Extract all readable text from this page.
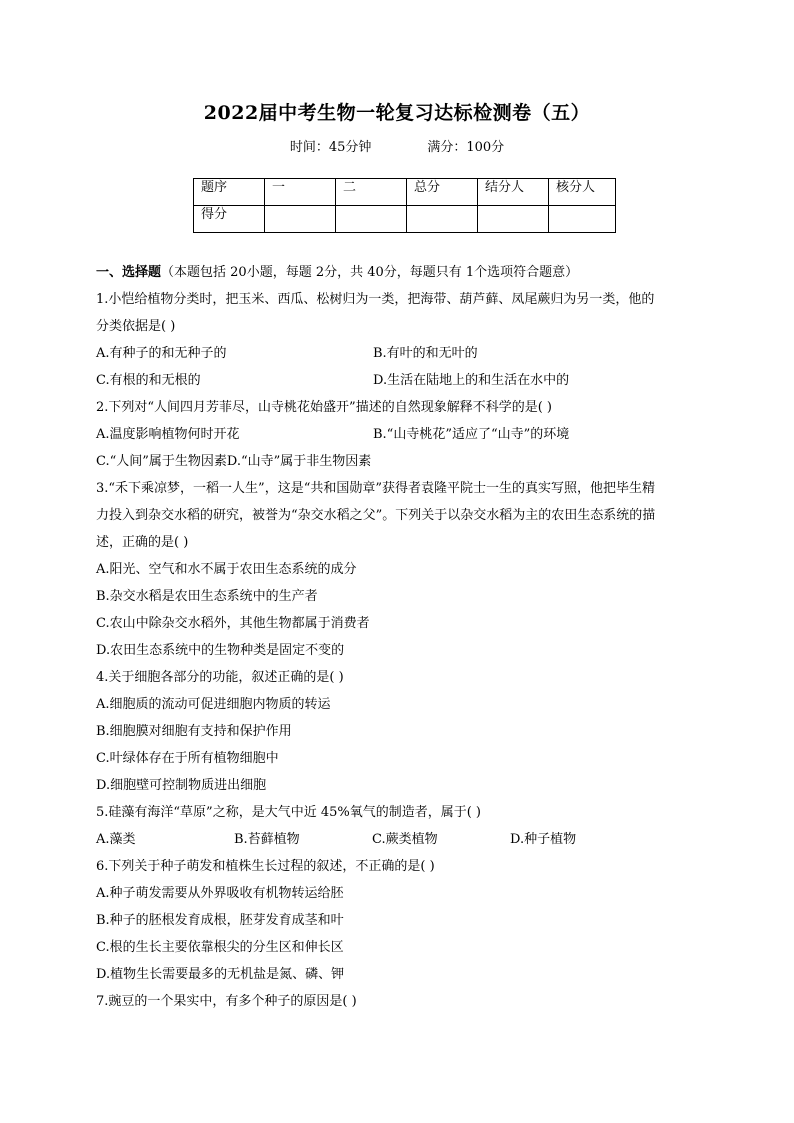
2022届中考生物一轮复习达标检测卷（五）
时间：45分钟	满分：100分
题序	一	二	总分	结分人	核分人
得分					
一、选择题（本题包括 20小题，每题 2分，共 40分，每题只有 1个选项符合题意）
1.小恺给植物分类时，把玉米、西瓜、松树归为一类，把海带、葫芦藓、凤尾蕨归为另一类，他的
分类依据是( )
A.有种子的和无种子的	B.有叶的和无叶的
C.有根的和无根的	D.生活在陆地上的和生活在水中的
2.下列对“人间四月芳菲尽，山寺桃花始盛开”描述的自然现象解释不科学的是( )
A.温度影响植物何时开花	B.“山寺桃花”适应了“山寺”的环境
C.“人间”属于生物因素D.“山寺”属于非生物因素
3.“禾下乘凉梦，一稻一人生”，这是“共和国勋章”获得者袁隆平院士一生的真实写照，他把毕生精
力投入到杂交水稻的研究，被誉为“杂交水稻之父”。下列关于以杂交水稻为主的农田生态系统的描
述，正确的是( )
A.阳光、空气和水不属于农田生态系统的成分
B.杂交水稻是农田生态系统中的生产者
C.农山中除杂交水稻外，其他生物都属于消费者
D.农田生态系统中的生物种类是固定不变的
4.关于细胞各部分的功能，叙述正确的是( )
A.细胞质的流动可促进细胞内物质的转运
B.细胞膜对细胞有支持和保护作用
C.叶绿体存在于所有植物细胞中
D.细胞壁可控制物质进出细胞
5.硅藻有海洋“草原”之称，是大气中近 45%氧气的制造者，属于( )
A.藻类	B.苔藓植物	C.蕨类植物	D.种子植物
6.下列关于种子萌发和植株生长过程的叙述，不正确的是( )
A.种子萌发需要从外界吸收有机物转运给胚
B.种子的胚根发育成根，胚芽发育成茎和叶
C.根的生长主要依靠根尖的分生区和伸长区
D.植物生长需要最多的无机盐是氮、磷、钾
7.豌豆的一个果实中，有多个种子的原因是( )
